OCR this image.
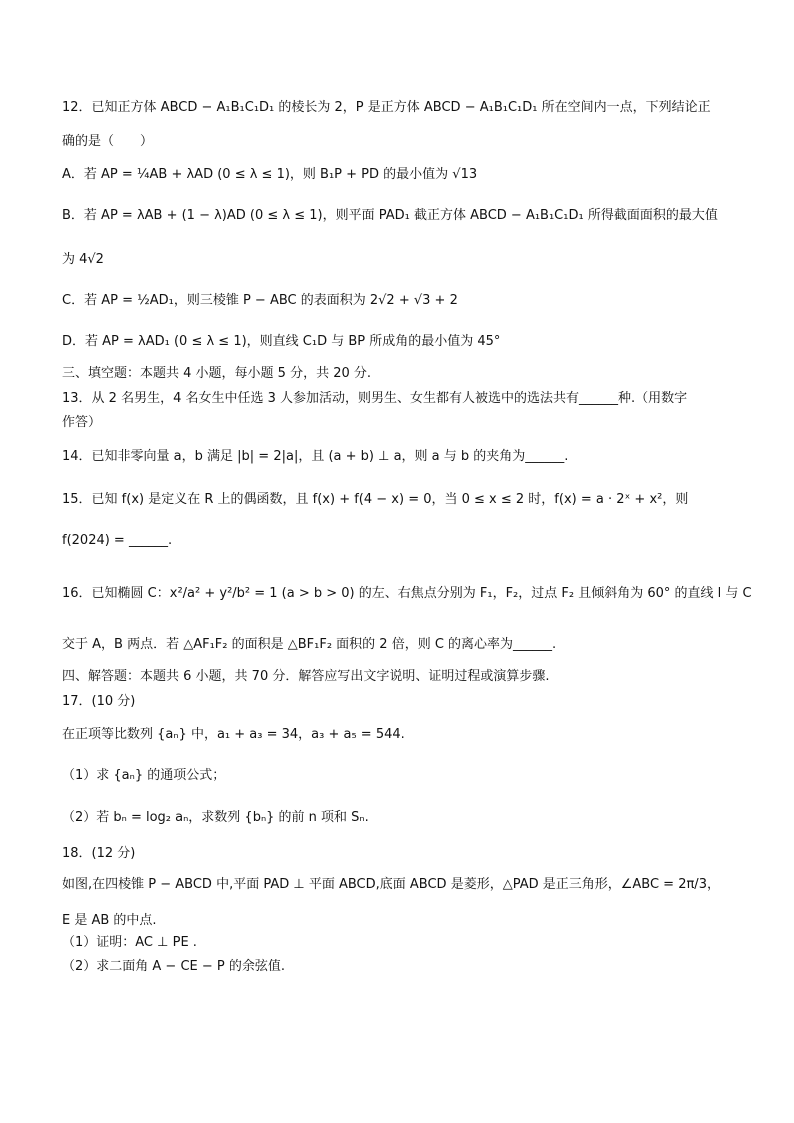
12．已知正方体 ABCD − A₁B₁C₁D₁ 的棱长为 2，P 是正方体 ABCD − A₁B₁C₁D₁ 所在空间内一点，下列结论正
确的是（　　）
A．若 AP = ¼AB + λAD (0 ≤ λ ≤ 1)，则 B₁P + PD 的最小值为 √13
B．若 AP = λAB + (1 − λ)AD (0 ≤ λ ≤ 1)，则平面 PAD₁ 截正方体 ABCD − A₁B₁C₁D₁ 所得截面面积的最大值
为 4√2
C．若 AP = ½AD₁，则三棱锥 P − ABC 的表面积为 2√2 + √3 + 2
D．若 AP = λAD₁ (0 ≤ λ ≤ 1)，则直线 C₁D 与 BP 所成角的最小值为 45°
三、填空题：本题共 4 小题，每小题 5 分，共 20 分.
13．从 2 名男生，4 名女生中任选 3 人参加活动，则男生、女生都有人被选中的选法共有______种.（用数字
作答）
14．已知非零向量 a，b 满足 |b| = 2|a|，且 (a + b) ⊥ a，则 a 与 b 的夹角为______.
15．已知 f(x) 是定义在 R 上的偶函数，且 f(x) + f(4 − x) = 0，当 0 ≤ x ≤ 2 时，f(x) = a · 2ˣ + x²，则
f(2024) = ______.
16．已知椭圆 C：x²/a² + y²/b² = 1 (a > b > 0) 的左、右焦点分别为 F₁，F₂，过点 F₂ 且倾斜角为 60° 的直线 l 与 C
交于 A，B 两点．若 △AF₁F₂ 的面积是 △BF₁F₂ 面积的 2 倍，则 C 的离心率为______.
四、解答题：本题共 6 小题，共 70 分．解答应写出文字说明、证明过程或演算步骤.
17．(10 分)
在正项等比数列 {aₙ} 中，a₁ + a₃ = 34，a₃ + a₅ = 544.
（1）求 {aₙ} 的通项公式；
（2）若 bₙ = log₂ aₙ，求数列 {bₙ} 的前 n 项和 Sₙ.
18．(12 分)
如图,在四棱锥 P − ABCD 中,平面 PAD ⊥ 平面 ABCD,底面 ABCD 是菱形，△PAD 是正三角形，∠ABC = 2π/3，
E 是 AB 的中点.
（1）证明：AC ⊥ PE .
（2）求二面角 A − CE − P 的余弦值.
